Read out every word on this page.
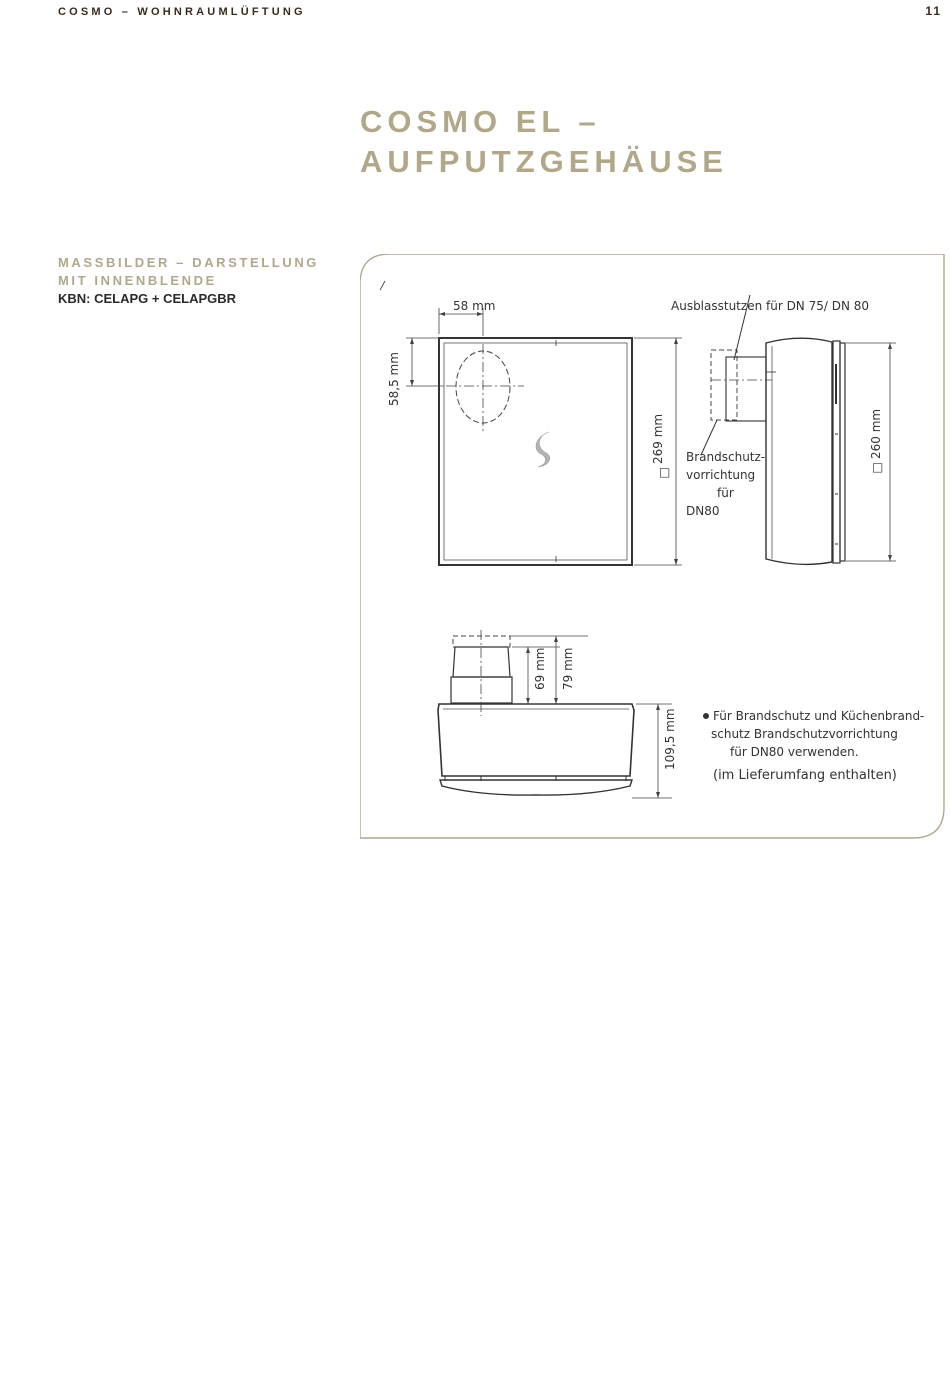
COSMO – WOHNRAUMLÜFTUNG	11
COSMO EL –
AUFPUTZGEHÄUSE
MASSBILDER – DARSTELLUNG
MIT INNENBLENDE
KBN: CELAPG + CELAPGBR	58 mm
58,5 mm
269 mm
□
Ausblasstutzen für DN 75/ DN 80
Brandschutz-
vorrichtung
für
DN80
260 mm
□
69 mm 79 mm
109,5 mm	Für Brandschutz und Küchenbrand-
schutz Brandschutzvorrichtung
für DN80 verwenden.
(im Lieferumfang enthalten)
